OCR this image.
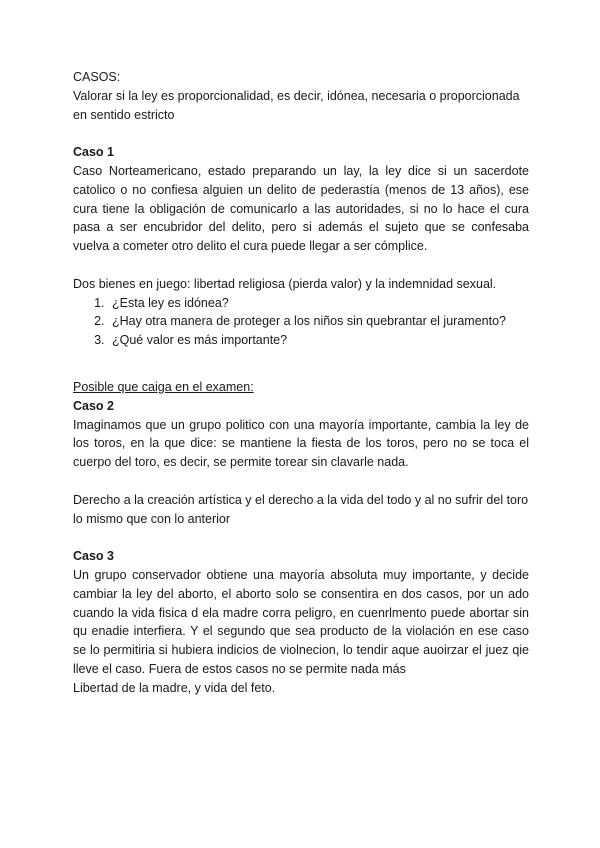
CASOS:

Valorar si la ley es proporcionalidad, es decir, idónea, necesaria o proporcionada en sentido estricto

Caso 1

Caso Norteamericano, estado preparando un lay, la ley dice si un sacerdote catolico o no confiesa alguien un delito de pederastía (menos de 13 años), ese cura tiene la obligación de comunicarlo a las autoridades, si no lo hace el cura pasa a ser encubridor del delito, pero si además el sujeto que se confesaba vuelva a cometer otro delito el cura puede llegar a ser cómplice.

Dos bienes en juego: libertad religiosa (pierda valor) y la indemnidad sexual.

1. ¿Esta ley es idónea?
2. ¿Hay otra manera de proteger a los niños sin quebrantar el juramento?
3. ¿Qué valor es más importante?

Posible que caiga en el examen:

Caso 2

Imaginamos que un grupo politico con una mayoría importante, cambia la ley de los toros, en la que dice: se mantiene la fiesta de los toros, pero no se toca el cuerpo del toro, es decir, se permite torear sin clavarle nada.

Derecho a la creación artística y el derecho a la vida del todo y al no sufrir del toro lo mismo que con lo anterior

Caso 3

Un grupo conservador obtiene una mayoría absoluta muy importante, y decide cambiar la ley del aborto, el aborto solo se consentira en dos casos, por un ado cuando la vida fisica d ela madre corra peligro, en cuenrlmento puede abortar sin qu enadie interfiera. Y el segundo que sea producto de la violación en ese caso se lo permitiria si hubiera indicios de violnecion, lo tendir aque auoirzar el juez qie lleve el caso. Fuera de estos casos no se permite nada más

Libertad de la madre, y vida del feto.
